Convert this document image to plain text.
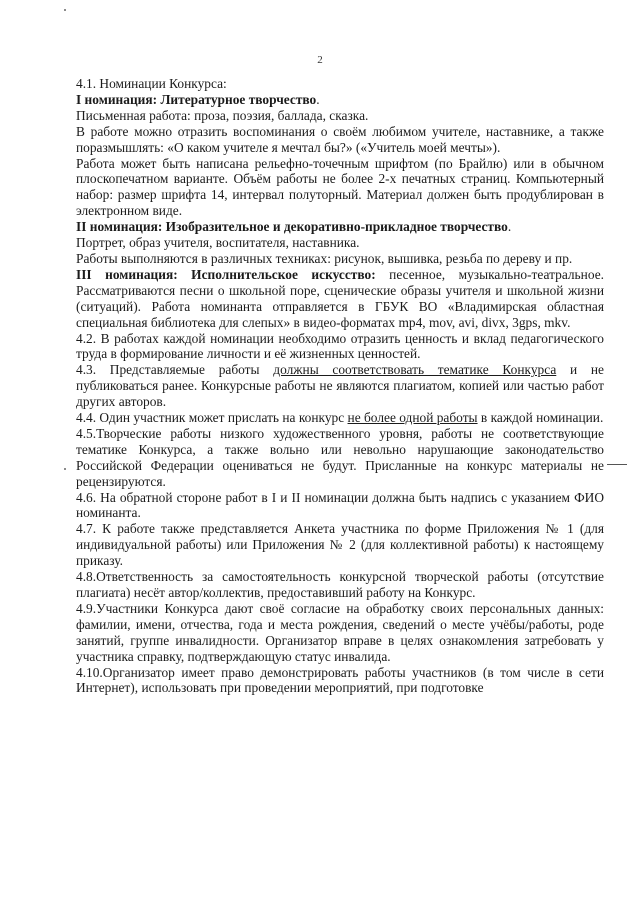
2

4.1. Номинации Конкурса:

I номинация: Литературное творчество.

Письменная работа: проза, поэзия, баллада, сказка.

В работе можно отразить воспоминания о своём любимом учителе, наставнике, а также поразмышлять: «О каком учителе я мечтал бы?» («Учитель моей мечты»).

Работа может быть написана рельефно-точечным шрифтом (по Брайлю) или в обычном плоскопечатном варианте. Объём работы не более 2-х печатных страниц. Компьютерный набор: размер шрифта 14, интервал полуторный. Материал должен быть продублирован в электронном виде.

II номинация: Изобразительное и декоративно-прикладное творчество.

Портрет, образ учителя, воспитателя, наставника.

Работы выполняются в различных техниках: рисунок, вышивка, резьба по дереву и пр.

III номинация: Исполнительское искусство: песенное, музыкально-театральное. Рассматриваются песни о школьной поре, сценические образы учителя и школьной жизни (ситуаций). Работа номинанта отправляется в ГБУК ВО «Владимирская областная специальная библиотека для слепых» в видео-форматах mp4, mov, avi, divx, 3gps, mkv.

4.2. В работах каждой номинации необходимо отразить ценность и вклад педагогического труда в формирование личности и её жизненных ценностей.

4.3. Представляемые работы должны соответствовать тематике Конкурса и не публиковаться ранее. Конкурсные работы не являются плагиатом, копией или частью работ других авторов.

4.4. Один участник может прислать на конкурс не более одной работы в каждой номинации.

4.5.Творческие работы низкого художественного уровня, работы не соответствующие тематике Конкурса, а также вольно или невольно нарушающие законодательство Российской Федерации оцениваться не будут. Присланные на конкурс материалы не рецензируются.

4.6. На обратной стороне работ в I и II номинации должна быть надпись с указанием ФИО номинанта.

4.7. К работе также представляется Анкета участника по форме Приложения № 1 (для индивидуальной работы) или Приложения № 2 (для коллективной работы) к настоящему приказу.

4.8.Ответственность за самостоятельность конкурсной творческой работы (отсутствие плагиата) несёт автор/коллектив, предоставивший работу на Конкурс.

4.9.Участники Конкурса дают своё согласие на обработку своих персональных данных: фамилии, имени, отчества, года и места рождения, сведений о месте учёбы/работы, роде занятий, группе инвалидности. Организатор вправе в целях ознакомления затребовать у участника справку, подтверждающую статус инвалида.

4.10.Организатор имеет право демонстрировать работы участников (в том числе в сети Интернет), использовать при проведении мероприятий, при подготовке
